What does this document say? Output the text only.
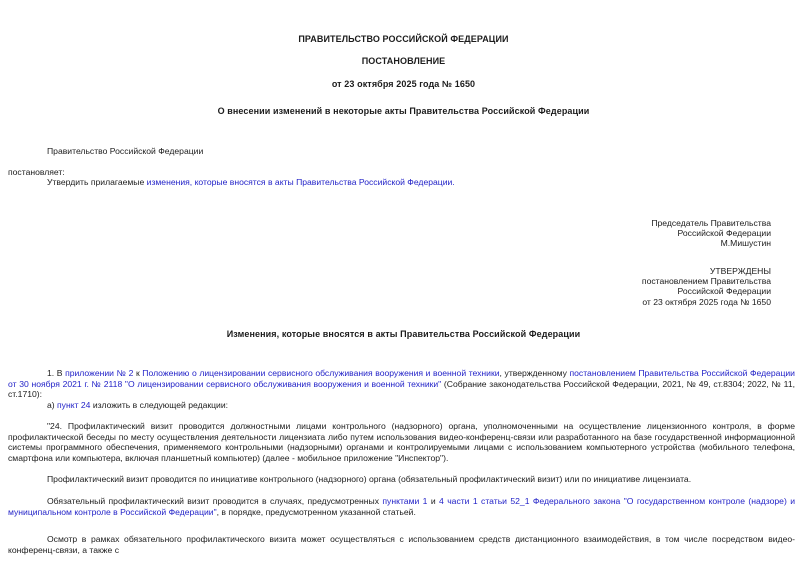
ПРАВИТЕЛЬСТВО РОССИЙСКОЙ ФЕДЕРАЦИИ
ПОСТАНОВЛЕНИЕ
от 23 октября 2025 года № 1650
О внесении изменений в некоторые акты Правительства Российской Федерации
Правительство Российской Федерации
постановляет:
Утвердить прилагаемые изменения, которые вносятся в акты Правительства Российской Федерации.
Председатель Правительства
Российской Федерации
М.Мишустин
УТВЕРЖДЕНЫ
постановлением Правительства
Российской Федерации
от 23 октября 2025 года № 1650
Изменения, которые вносятся в акты Правительства Российской Федерации
1. В приложении № 2 к Положению о лицензировании сервисного обслуживания вооружения и военной техники, утвержденному постановлением Правительства Российской Федерации от 30 ноября 2021 г. № 2118 "О лицензировании сервисного обслуживания вооружения и военной техники" (Собрание законодательства Российской Федерации, 2021, № 49, ст.8304; 2022, № 11, ст.1710):
а) пункт 24 изложить в следующей редакции:
"24. Профилактический визит проводится должностными лицами контрольного (надзорного) органа, уполномоченными на осуществление лицензионного контроля, в форме профилактической беседы по месту осуществления деятельности лицензиата либо путем использования видео-конференц-связи или разработанного на базе государственной информационной системы программного обеспечения, применяемого контрольными (надзорными) органами и контролируемыми лицами с использованием компьютерного устройства (мобильного телефона, смартфона или компьютера, включая планшетный компьютер) (далее - мобильное приложение "Инспектор").
Профилактический визит проводится по инициативе контрольного (надзорного) органа (обязательный профилактический визит) или по инициативе лицензиата.
Обязательный профилактический визит проводится в случаях, предусмотренных пунктами 1 и 4 части 1 статьи 52_1 Федерального закона "О государственном контроле (надзоре) и муниципальном контроле в Российской Федерации", в порядке, предусмотренном указанной статьей.
Осмотр в рамках обязательного профилактического визита может осуществляться с использованием средств дистанционного взаимодействия, в том числе посредством видео-конференц-связи, а также с
